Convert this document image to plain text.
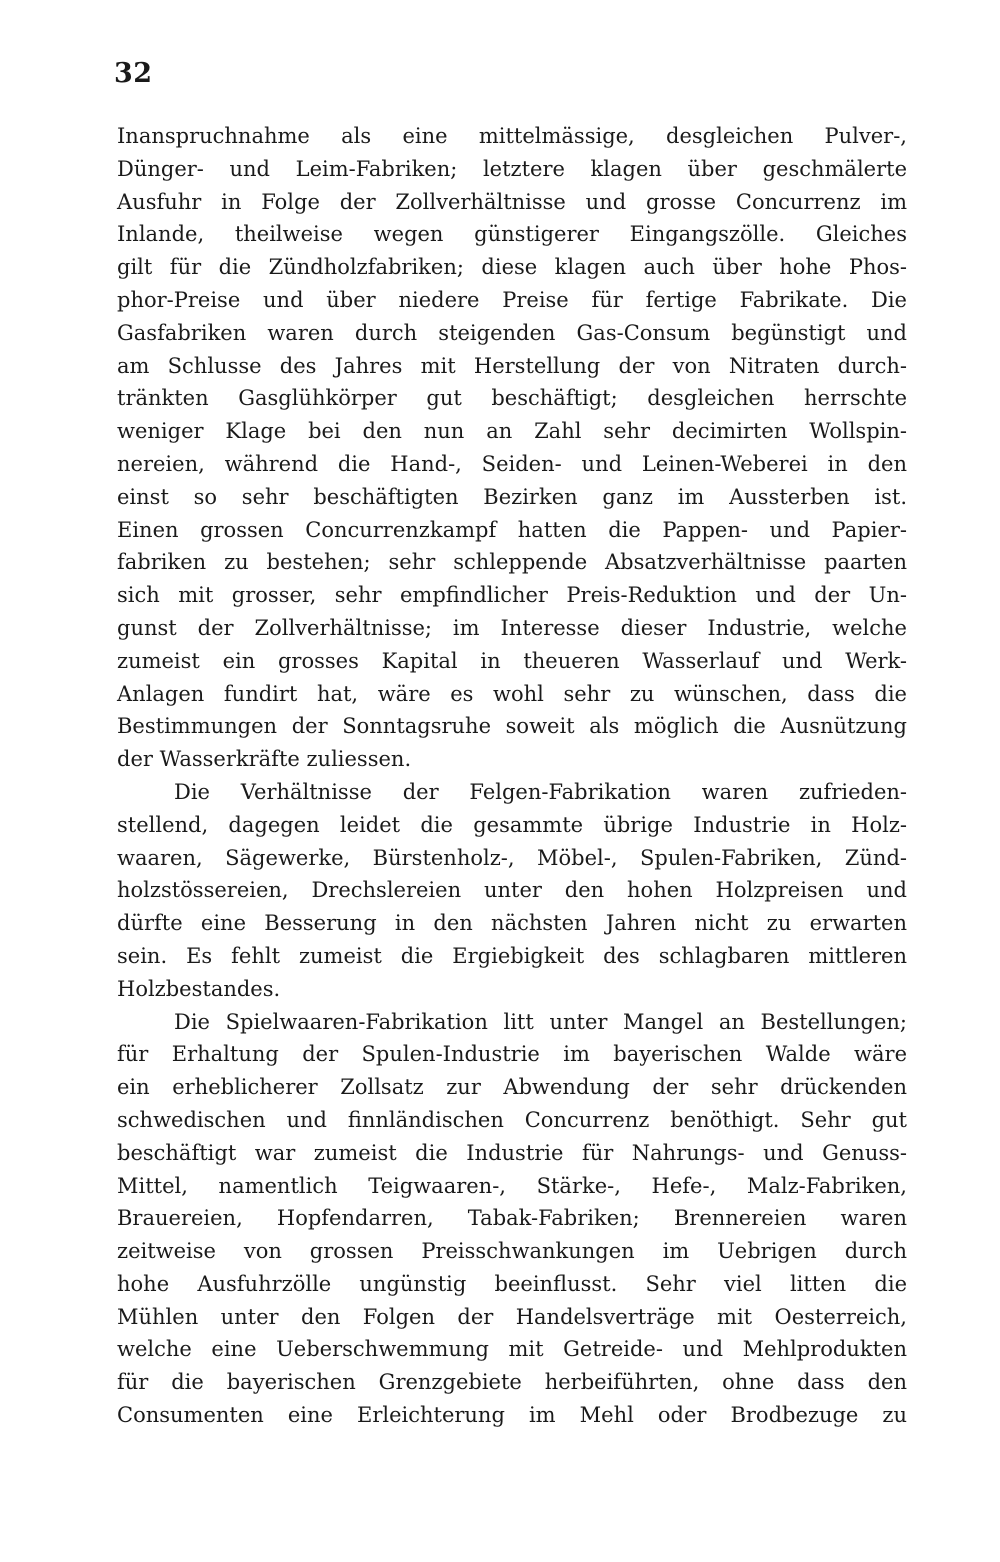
32
Inanspruchnahme als eine mittelmässige, desgleichen Pulver-,
Dünger- und Leim-Fabriken; letztere klagen über geschmälerte
Ausfuhr in Folge der Zollverhältnisse und grosse Concurrenz im
Inlande, theilweise wegen günstigerer Eingangszölle. Gleiches
gilt für die Zündholzfabriken; diese klagen auch über hohe Phos-
phor-Preise und über niedere Preise für fertige Fabrikate. Die
Gasfabriken waren durch steigenden Gas-Consum begünstigt und
am Schlusse des Jahres mit Herstellung der von Nitraten durch-
tränkten Gasglühkörper gut beschäftigt; desgleichen herrschte
weniger Klage bei den nun an Zahl sehr decimirten Wollspin-
nereien, während die Hand-, Seiden- und Leinen-Weberei in den
einst so sehr beschäftigten Bezirken ganz im Aussterben ist.
Einen grossen Concurrenzkampf hatten die Pappen- und Papier-
fabriken zu bestehen; sehr schleppende Absatzverhältnisse paarten
sich mit grosser, sehr empfindlicher Preis-Reduktion und der Un-
gunst der Zollverhältnisse; im Interesse dieser Industrie, welche
zumeist ein grosses Kapital in theueren Wasserlauf und Werk-
Anlagen fundirt hat, wäre es wohl sehr zu wünschen, dass die
Bestimmungen der Sonntagsruhe soweit als möglich die Ausnützung
der Wasserkräfte zuliessen.
Die Verhältnisse der Felgen-Fabrikation waren zufrieden-
stellend, dagegen leidet die gesammte übrige Industrie in Holz-
waaren, Sägewerke, Bürstenholz-, Möbel-, Spulen-Fabriken, Zünd-
holzstössereien, Drechslereien unter den hohen Holzpreisen und
dürfte eine Besserung in den nächsten Jahren nicht zu erwarten
sein. Es fehlt zumeist die Ergiebigkeit des schlagbaren mittleren
Holzbestandes.
Die Spielwaaren-Fabrikation litt unter Mangel an Bestellungen;
für Erhaltung der Spulen-Industrie im bayerischen Walde wäre
ein erheblicherer Zollsatz zur Abwendung der sehr drückenden
schwedischen und finnländischen Concurrenz benöthigt. Sehr gut
beschäftigt war zumeist die Industrie für Nahrungs- und Genuss-
Mittel, namentlich Teigwaaren-, Stärke-, Hefe-, Malz-Fabriken,
Brauereien, Hopfendarren, Tabak-Fabriken; Brennereien waren
zeitweise von grossen Preisschwankungen im Uebrigen durch
hohe Ausfuhrzölle ungünstig beeinflusst. Sehr viel litten die
Mühlen unter den Folgen der Handelsverträge mit Oesterreich,
welche eine Ueberschwemmung mit Getreide- und Mehlprodukten
für die bayerischen Grenzgebiete herbeiführten, ohne dass den
Consumenten eine Erleichterung im Mehl oder Brodbezuge zu
